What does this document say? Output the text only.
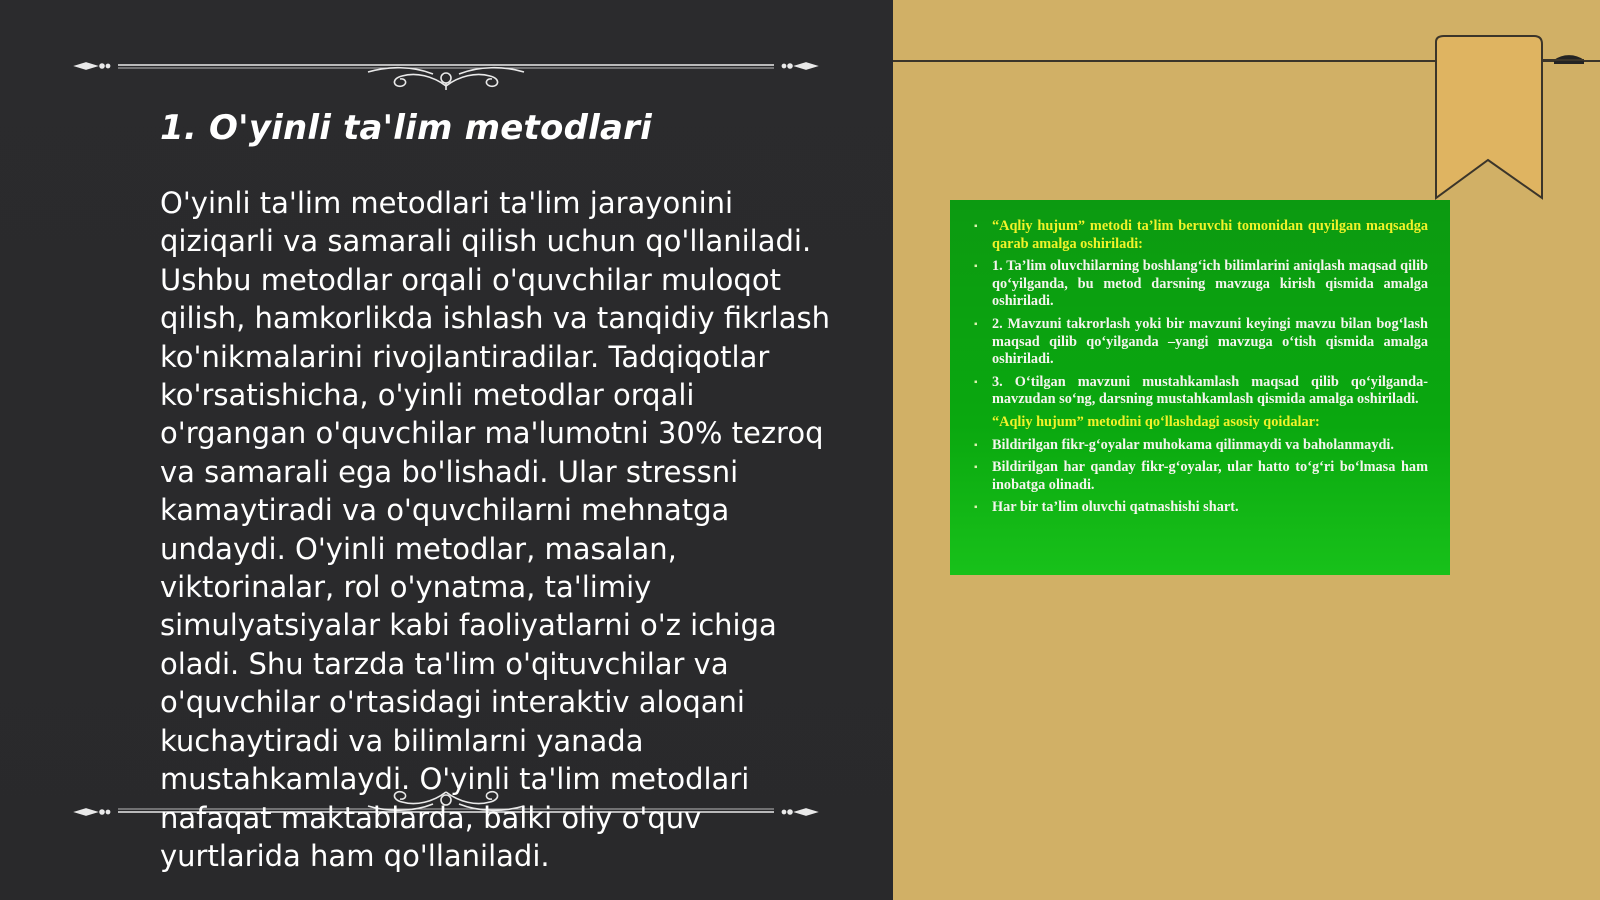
1. O'yinli ta'lim metodlari

O'yinli ta'lim metodlari ta'lim jarayonini qiziqarli va samarali qilish uchun qo'llaniladi. Ushbu metodlar orqali o'quvchilar muloqot qilish, hamkorlikda ishlash va tanqidiy fikrlash ko'nikmalarini rivojlantiradilar. Tadqiqotlar ko'rsatishicha, o'yinli metodlar orqali o'rgangan o'quvchilar ma'lumotni 30% tezroq va samarali ega bo'lishadi. Ular stressni kamaytiradi va o'quvchilarni mehnatga undaydi. O'yinli metodlar, masalan, viktorinalar, rol o'ynatma, ta'limiy simulyatsiyalar kabi faoliyatlarni o'z ichiga oladi. Shu tarzda ta'lim o'qituvchilar va o'quvchilar o'rtasidagi interaktiv aloqani kuchaytiradi va bilimlarni yanada mustahkamlaydi. O'yinli ta'lim metodlari nafaqat maktablarda, balki oliy o'quv yurtlarida ham qo'llaniladi.

▪ “Aqliy hujum” metodi ta’lim beruvchi tomonidan quyilgan maqsadga qarab amalga oshiriladi:
▪ 1. Ta’lim oluvchilarning boshlang‘ich bilimlarini aniqlash maqsad qilib qo‘yilganda, bu metod darsning mavzuga kirish qismida amalga oshiriladi.
▪ 2. Mavzuni takrorlash yoki bir mavzuni keyingi mavzu bilan bog‘lash maqsad qilib qo‘yilganda –yangi mavzuga o‘tish qismida amalga oshiriladi.
▪ 3. O‘tilgan mavzuni mustahkamlash maqsad qilib qo‘yilganda-mavzudan so‘ng, darsning mustahkamlash qismida amalga oshiriladi.
“Aqliy hujum” metodini qo‘llashdagi asosiy qoidalar:
▪ Bildirilgan fikr-g‘oyalar muhokama qilinmaydi va baholanmaydi.
▪ Bildirilgan har qanday fikr-g‘oyalar, ular hatto to‘g‘ri bo‘lmasa ham inobatga olinadi.
▪ Har bir ta’lim oluvchi qatnashishi shart.
